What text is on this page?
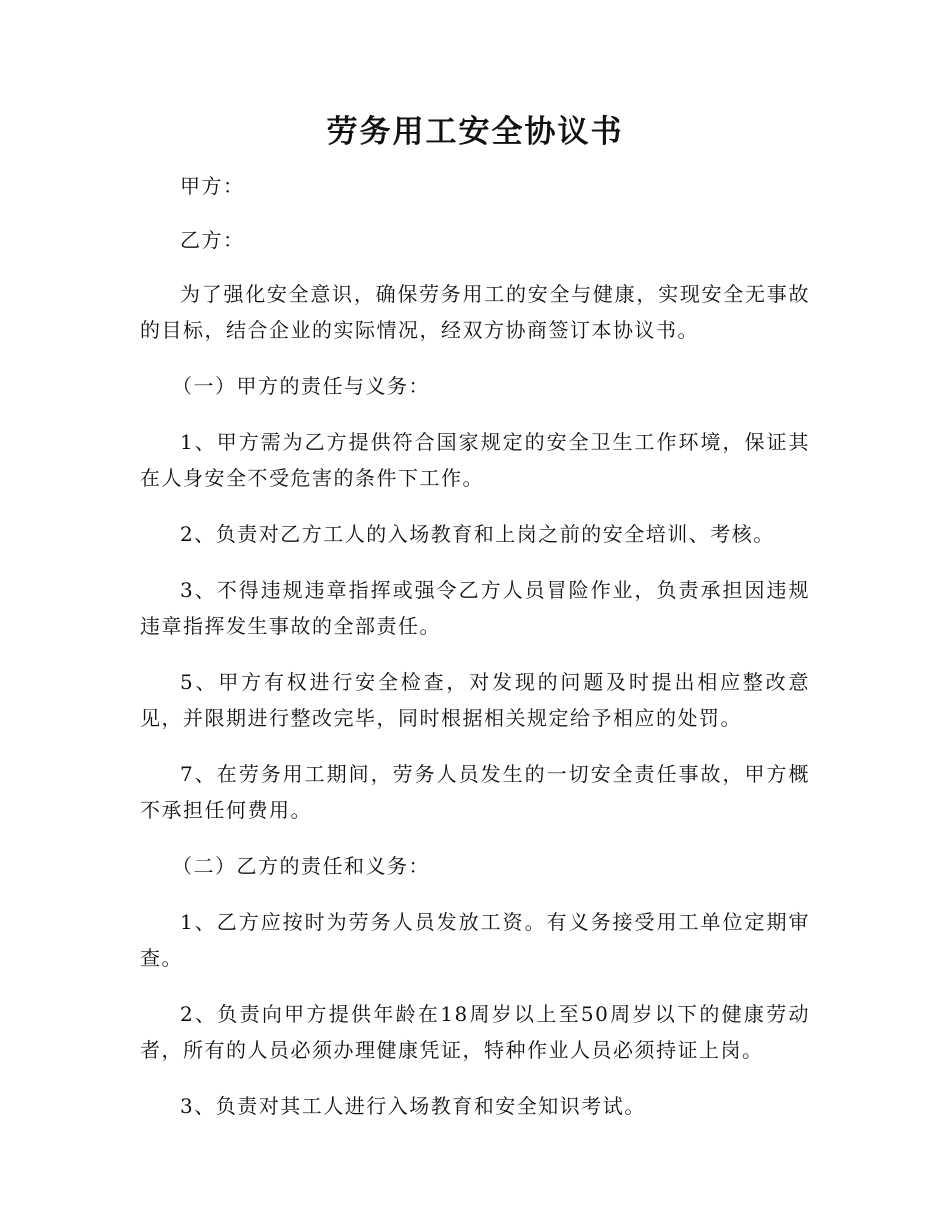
劳务用工安全协议书

甲方：

乙方：

为了强化安全意识，确保劳务用工的安全与健康，实现安全无事故的目标，结合企业的实际情况，经双方协商签订本协议书。

（一）甲方的责任与义务：

1、甲方需为乙方提供符合国家规定的安全卫生工作环境，保证其在人身安全不受危害的条件下工作。

2、负责对乙方工人的入场教育和上岗之前的安全培训、考核。

3、不得违规违章指挥或强令乙方人员冒险作业，负责承担因违规违章指挥发生事故的全部责任。

5、甲方有权进行安全检查，对发现的问题及时提出相应整改意见，并限期进行整改完毕，同时根据相关规定给予相应的处罚。

7、在劳务用工期间，劳务人员发生的一切安全责任事故，甲方概不承担任何费用。

（二）乙方的责任和义务：

1、乙方应按时为劳务人员发放工资。有义务接受用工单位定期审查。

2、负责向甲方提供年龄在18周岁以上至50周岁以下的健康劳动者，所有的人员必须办理健康凭证，特种作业人员必须持证上岗。

3、负责对其工人进行入场教育和安全知识考试。
